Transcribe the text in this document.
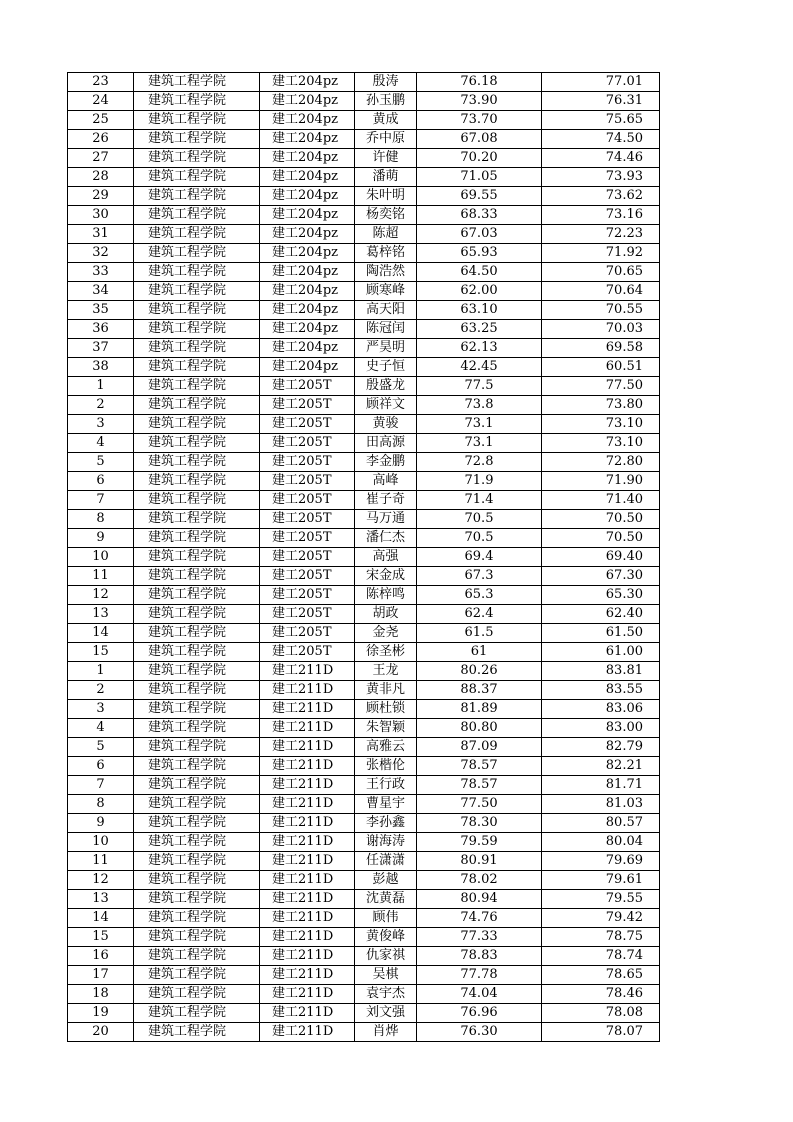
23	建筑工程学院	建工204pz	殷涛	76.18	77.01
24	建筑工程学院	建工204pz	孙玉鹏	73.90	76.31
25	建筑工程学院	建工204pz	黄成	73.70	75.65
26	建筑工程学院	建工204pz	乔中原	67.08	74.50
27	建筑工程学院	建工204pz	许健	70.20	74.46
28	建筑工程学院	建工204pz	潘萌	71.05	73.93
29	建筑工程学院	建工204pz	朱叶明	69.55	73.62
30	建筑工程学院	建工204pz	杨奕铭	68.33	73.16
31	建筑工程学院	建工204pz	陈超	67.03	72.23
32	建筑工程学院	建工204pz	葛梓铭	65.93	71.92
33	建筑工程学院	建工204pz	陶浩然	64.50	70.65
34	建筑工程学院	建工204pz	顾寒峰	62.00	70.64
35	建筑工程学院	建工204pz	高天阳	63.10	70.55
36	建筑工程学院	建工204pz	陈冠闰	63.25	70.03
37	建筑工程学院	建工204pz	严昊明	62.13	69.58
38	建筑工程学院	建工204pz	史子恒	42.45	60.51
1	建筑工程学院	建工205T	殷盛龙	77.5	77.50
2	建筑工程学院	建工205T	顾祥文	73.8	73.80
3	建筑工程学院	建工205T	黄骏	73.1	73.10
4	建筑工程学院	建工205T	田高源	73.1	73.10
5	建筑工程学院	建工205T	李金鹏	72.8	72.80
6	建筑工程学院	建工205T	高峰	71.9	71.90
7	建筑工程学院	建工205T	崔子奇	71.4	71.40
8	建筑工程学院	建工205T	马万通	70.5	70.50
9	建筑工程学院	建工205T	潘仁杰	70.5	70.50
10	建筑工程学院	建工205T	高强	69.4	69.40
11	建筑工程学院	建工205T	宋金成	67.3	67.30
12	建筑工程学院	建工205T	陈梓鸣	65.3	65.30
13	建筑工程学院	建工205T	胡政	62.4	62.40
14	建筑工程学院	建工205T	金尧	61.5	61.50
15	建筑工程学院	建工205T	徐圣彬	61	61.00
1	建筑工程学院	建工211D	王龙	80.26	83.81
2	建筑工程学院	建工211D	黄非凡	88.37	83.55
3	建筑工程学院	建工211D	顾杜锁	81.89	83.06
4	建筑工程学院	建工211D	朱智颖	80.80	83.00
5	建筑工程学院	建工211D	高雅云	87.09	82.79
6	建筑工程学院	建工211D	张楷伦	78.57	82.21
7	建筑工程学院	建工211D	王行政	78.57	81.71
8	建筑工程学院	建工211D	曹星宇	77.50	81.03
9	建筑工程学院	建工211D	李孙鑫	78.30	80.57
10	建筑工程学院	建工211D	谢海涛	79.59	80.04
11	建筑工程学院	建工211D	任潇潇	80.91	79.69
12	建筑工程学院	建工211D	彭越	78.02	79.61
13	建筑工程学院	建工211D	沈黄磊	80.94	79.55
14	建筑工程学院	建工211D	顾伟	74.76	79.42
15	建筑工程学院	建工211D	黄俊峰	77.33	78.75
16	建筑工程学院	建工211D	仇家祺	78.83	78.74
17	建筑工程学院	建工211D	吴棋	77.78	78.65
18	建筑工程学院	建工211D	袁宇杰	74.04	78.46
19	建筑工程学院	建工211D	刘文强	76.96	78.08
20	建筑工程学院	建工211D	肖烨	76.30	78.07
